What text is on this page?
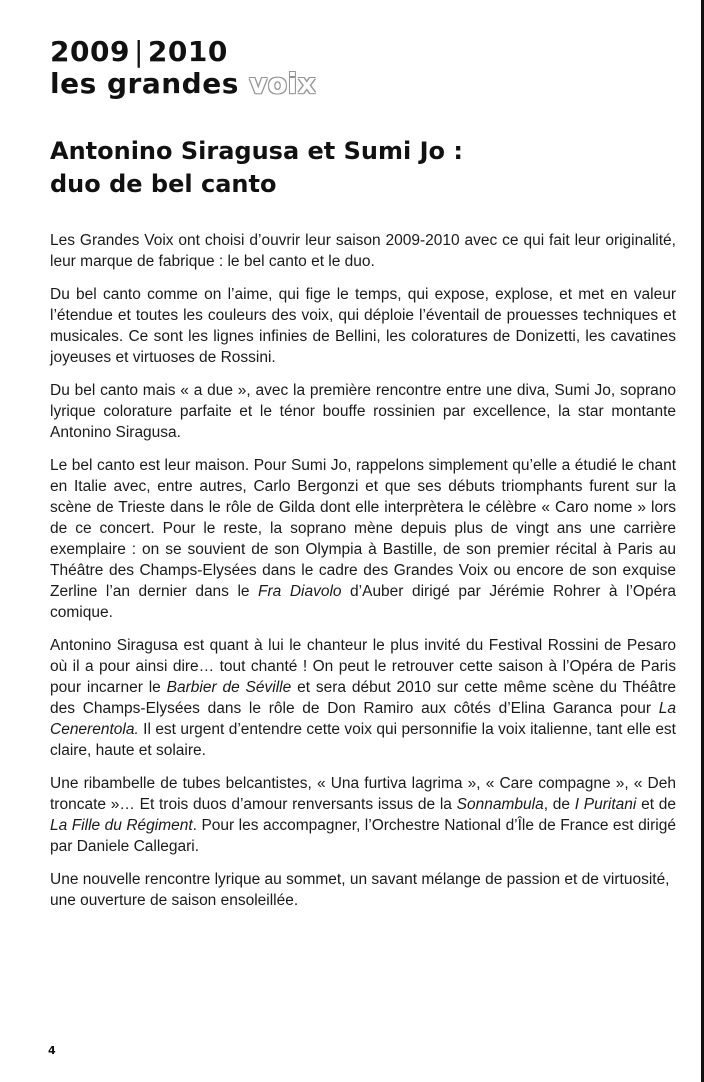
2009 | 2010
les grandes voix
Antonino Siragusa et Sumi Jo :
duo de bel canto

Les Grandes Voix ont choisi d’ouvrir leur saison 2009-2010 avec ce qui fait leur originalité, leur marque de fabrique : le bel canto et le duo.

Du bel canto comme on l’aime, qui fige le temps, qui expose, explose, et met en valeur l’étendue et toutes les couleurs des voix, qui déploie l’éventail de prouesses techniques et musicales. Ce sont les lignes infinies de Bellini, les coloratures de Donizetti, les cavatines joyeuses et virtuoses de Rossini.

Du bel canto mais « a due », avec la première rencontre entre une diva, Sumi Jo, soprano lyrique colorature parfaite et le ténor bouffe rossinien par excellence, la star montante Antonino Siragusa.

Le bel canto est leur maison. Pour Sumi Jo, rappelons simplement qu’elle a étudié le chant en Italie avec, entre autres, Carlo Bergonzi et que ses débuts triomphants furent sur la scène de Trieste dans le rôle de Gilda dont elle interprètera le célèbre « Caro nome » lors de ce concert. Pour le reste, la soprano mène depuis plus de vingt ans une carrière exemplaire : on se souvient de son Olympia à Bastille, de son premier récital à Paris au Théâtre des Champs-Elysées dans le cadre des Grandes Voix ou encore de son exquise Zerline l’an dernier dans le Fra Diavolo d’Auber dirigé par Jérémie Rohrer à l’Opéra comique.

Antonino Siragusa est quant à lui le chanteur le plus invité du Festival Rossini de Pesaro où il a pour ainsi dire… tout chanté ! On peut le retrouver cette saison à l’Opéra de Paris pour incarner le Barbier de Séville et sera début 2010 sur cette même scène du Théâtre des Champs-Elysées dans le rôle de Don Ramiro aux côtés d’Elina Garanca pour La Cenerentola. Il est urgent d’entendre cette voix qui personnifie la voix italienne, tant elle est claire, haute et solaire.

Une ribambelle de tubes belcantistes, « Una furtiva lagrima », « Care compagne », « Deh troncate »… Et trois duos d’amour renversants issus de la Sonnambula, de I Puritani et de La Fille du Régiment. Pour les accompagner, l’Orchestre National d’Île de France est dirigé par Daniele Callegari.

Une nouvelle rencontre lyrique au sommet, un savant mélange de passion et de virtuosité, une ouverture de saison ensoleillée.

4
